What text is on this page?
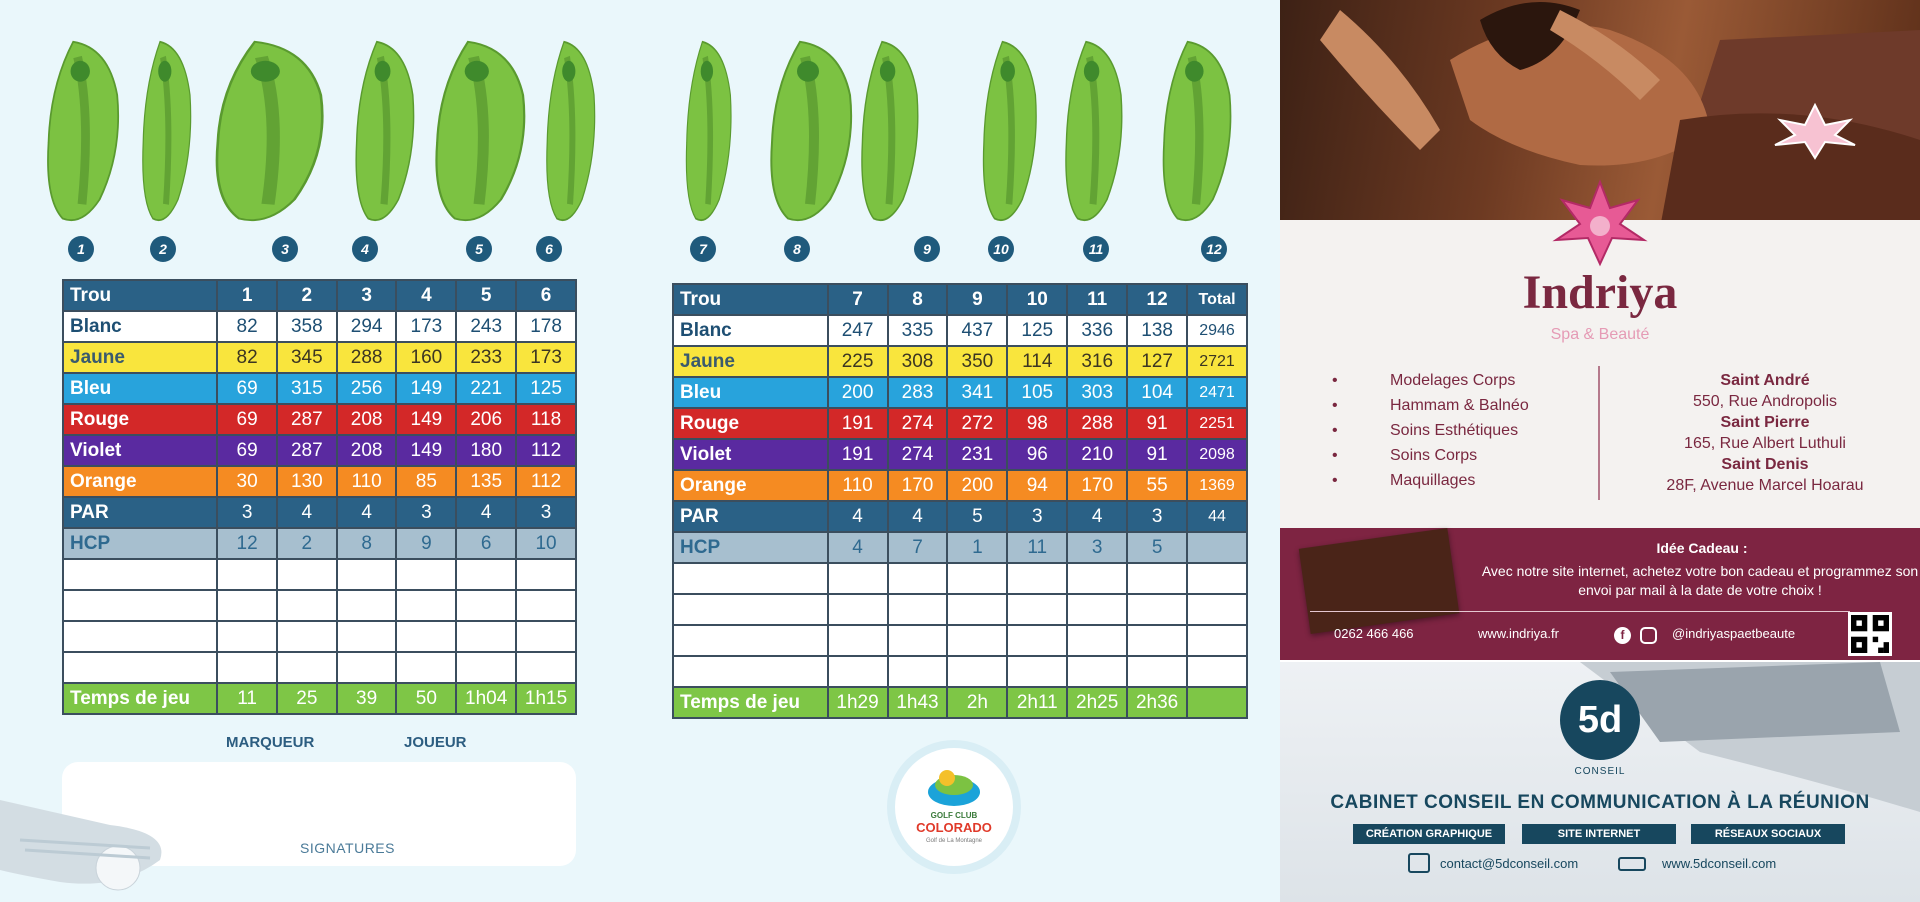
1	2	3	4	5	6	7	8	9	10	11	12
Trou	1	2	3	4	5	6
Blanc	82	358	294	173	243	178
Jaune	82	345	288	160	233	173
Bleu	69	315	256	149	221	125
Rouge	69	287	208	149	206	118
Violet	69	287	208	149	180	112
Orange	30	130	110	85	135	112
PAR	3	4	4	3	4	3
HCP	12	2	8	9	6	10

Temps de jeu	11	25	39	50	1h04	1h15
Trou	7	8	9	10	11	12	Total
Blanc	247	335	437	125	336	138	2946
Jaune	225	308	350	114	316	127	2721
Bleu	200	283	341	105	303	104	2471
Rouge	191	274	272	98	288	91	2251
Violet	191	274	231	96	210	91	2098
Orange	110	170	200	94	170	55	1369
PAR	4	4	5	3	4	3	44
HCP	4	7	1	11	3	5	

Temps de jeu	1h29	1h43	2h	2h11	2h25	2h36	
MARQUEUR	JOUEUR
SIGNATURES
GOLF CLUB
COLORADO
Golf de La Montagne
Indriya
Spa & Beauté
• Modelages Corps
• Hammam & Balnéo
• Soins Esthétiques
• Soins Corps
• Maquillages
Saint André
550, Rue Andropolis
Saint Pierre
165, Rue Albert Luthuli
Saint Denis
28F, Avenue Marcel Hoarau
Idée Cadeau :
Avec notre site internet, achetez votre bon cadeau et programmez son envoi par mail à la date de votre choix !
0262 466 466	www.indriya.fr	f	@indriyaspaetbeaute
5d
CONSEIL
CABINET CONSEIL EN COMMUNICATION À LA RÉUNION
CRÉATION GRAPHIQUE	SITE INTERNET	RÉSEAUX SOCIAUX
contact@5dconseil.com	www.5dconseil.com
